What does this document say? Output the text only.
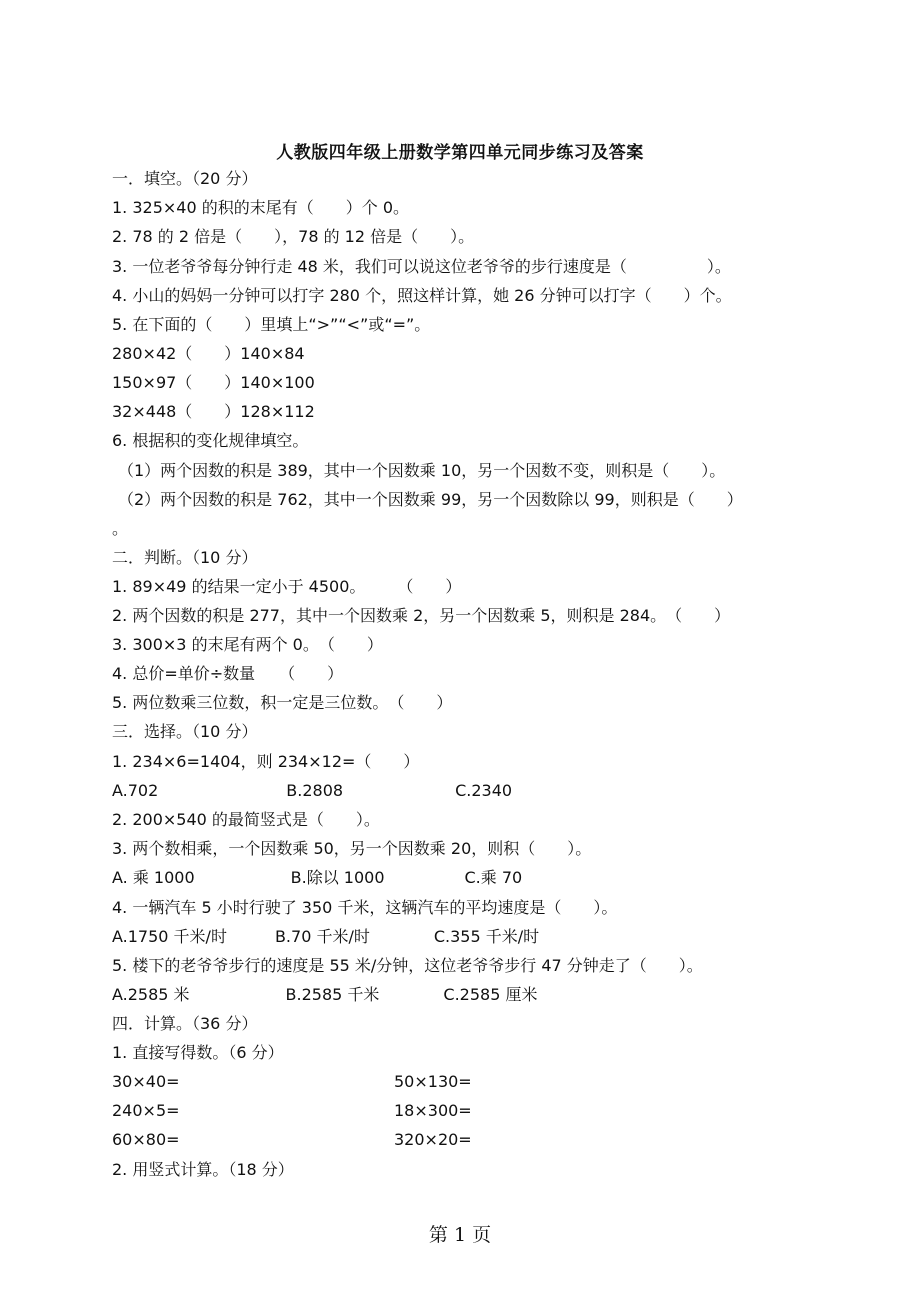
人教版四年级上册数学第四单元同步练习及答案
一．填空。（20 分）
1. 325×40 的积的末尾有（　　）个 0。
2. 78 的 2 倍是（　　），78 的 12 倍是（　　）。
3. 一位老爷爷每分钟行走 48 米，我们可以说这位老爷爷的步行速度是（　　　　　）。
4. 小山的妈妈一分钟可以打字 280 个，照这样计算，她 26 分钟可以打字（　　）个。
5. 在下面的（　　）里填上“>”“<”或“=”。
280×42（　　）140×84
150×97（　　）140×100
32×448（　　）128×112
6. 根据积的变化规律填空。
（1）两个因数的积是 389，其中一个因数乘 10，另一个因数不变，则积是（　　）。
（2）两个因数的积是 762，其中一个因数乘 99，另一个因数除以 99，则积是（　　）
。
二．判断。（10 分）
1. 89×49 的结果一定小于 4500。　　　（　　）
2. 两个因数的积是 277，其中一个因数乘 2，另一个因数乘 5，则积是 284。　（　　）
3. 300×3 的末尾有两个 0。　（　　）
4. 总价=单价÷数量　　（　　）
5. 两位数乘三位数，积一定是三位数。　（　　）
三．选择。（10 分）
1. 234×6=1404，则 234×12=（　　）
A.702　　　　　　　　B.2808　　　　　　　C.2340
2. 200×540 的最简竖式是（　　）。
3. 两个数相乘，一个因数乘 50，另一个因数乘 20，则积（　　）。
A. 乘 1000　　　　　　B.除以 1000　　　　　C.乘 70
4. 一辆汽车 5 小时行驶了 350 千米，这辆汽车的平均速度是（　　）。
A.1750 千米/时　　　B.70 千米/时　　　　C.355 千米/时
5. 楼下的老爷爷步行的速度是 55 米/分钟，这位老爷爷步行 47 分钟走了（　　）。
A.2585 米　　　　　　B.2585 千米　　　　C.2585 厘米
四．计算。（36 分）
1. 直接写得数。（6 分）
30×40=	50×130=
240×5=	18×300=
60×80=	320×20=
2. 用竖式计算。（18 分）
第 1 页
